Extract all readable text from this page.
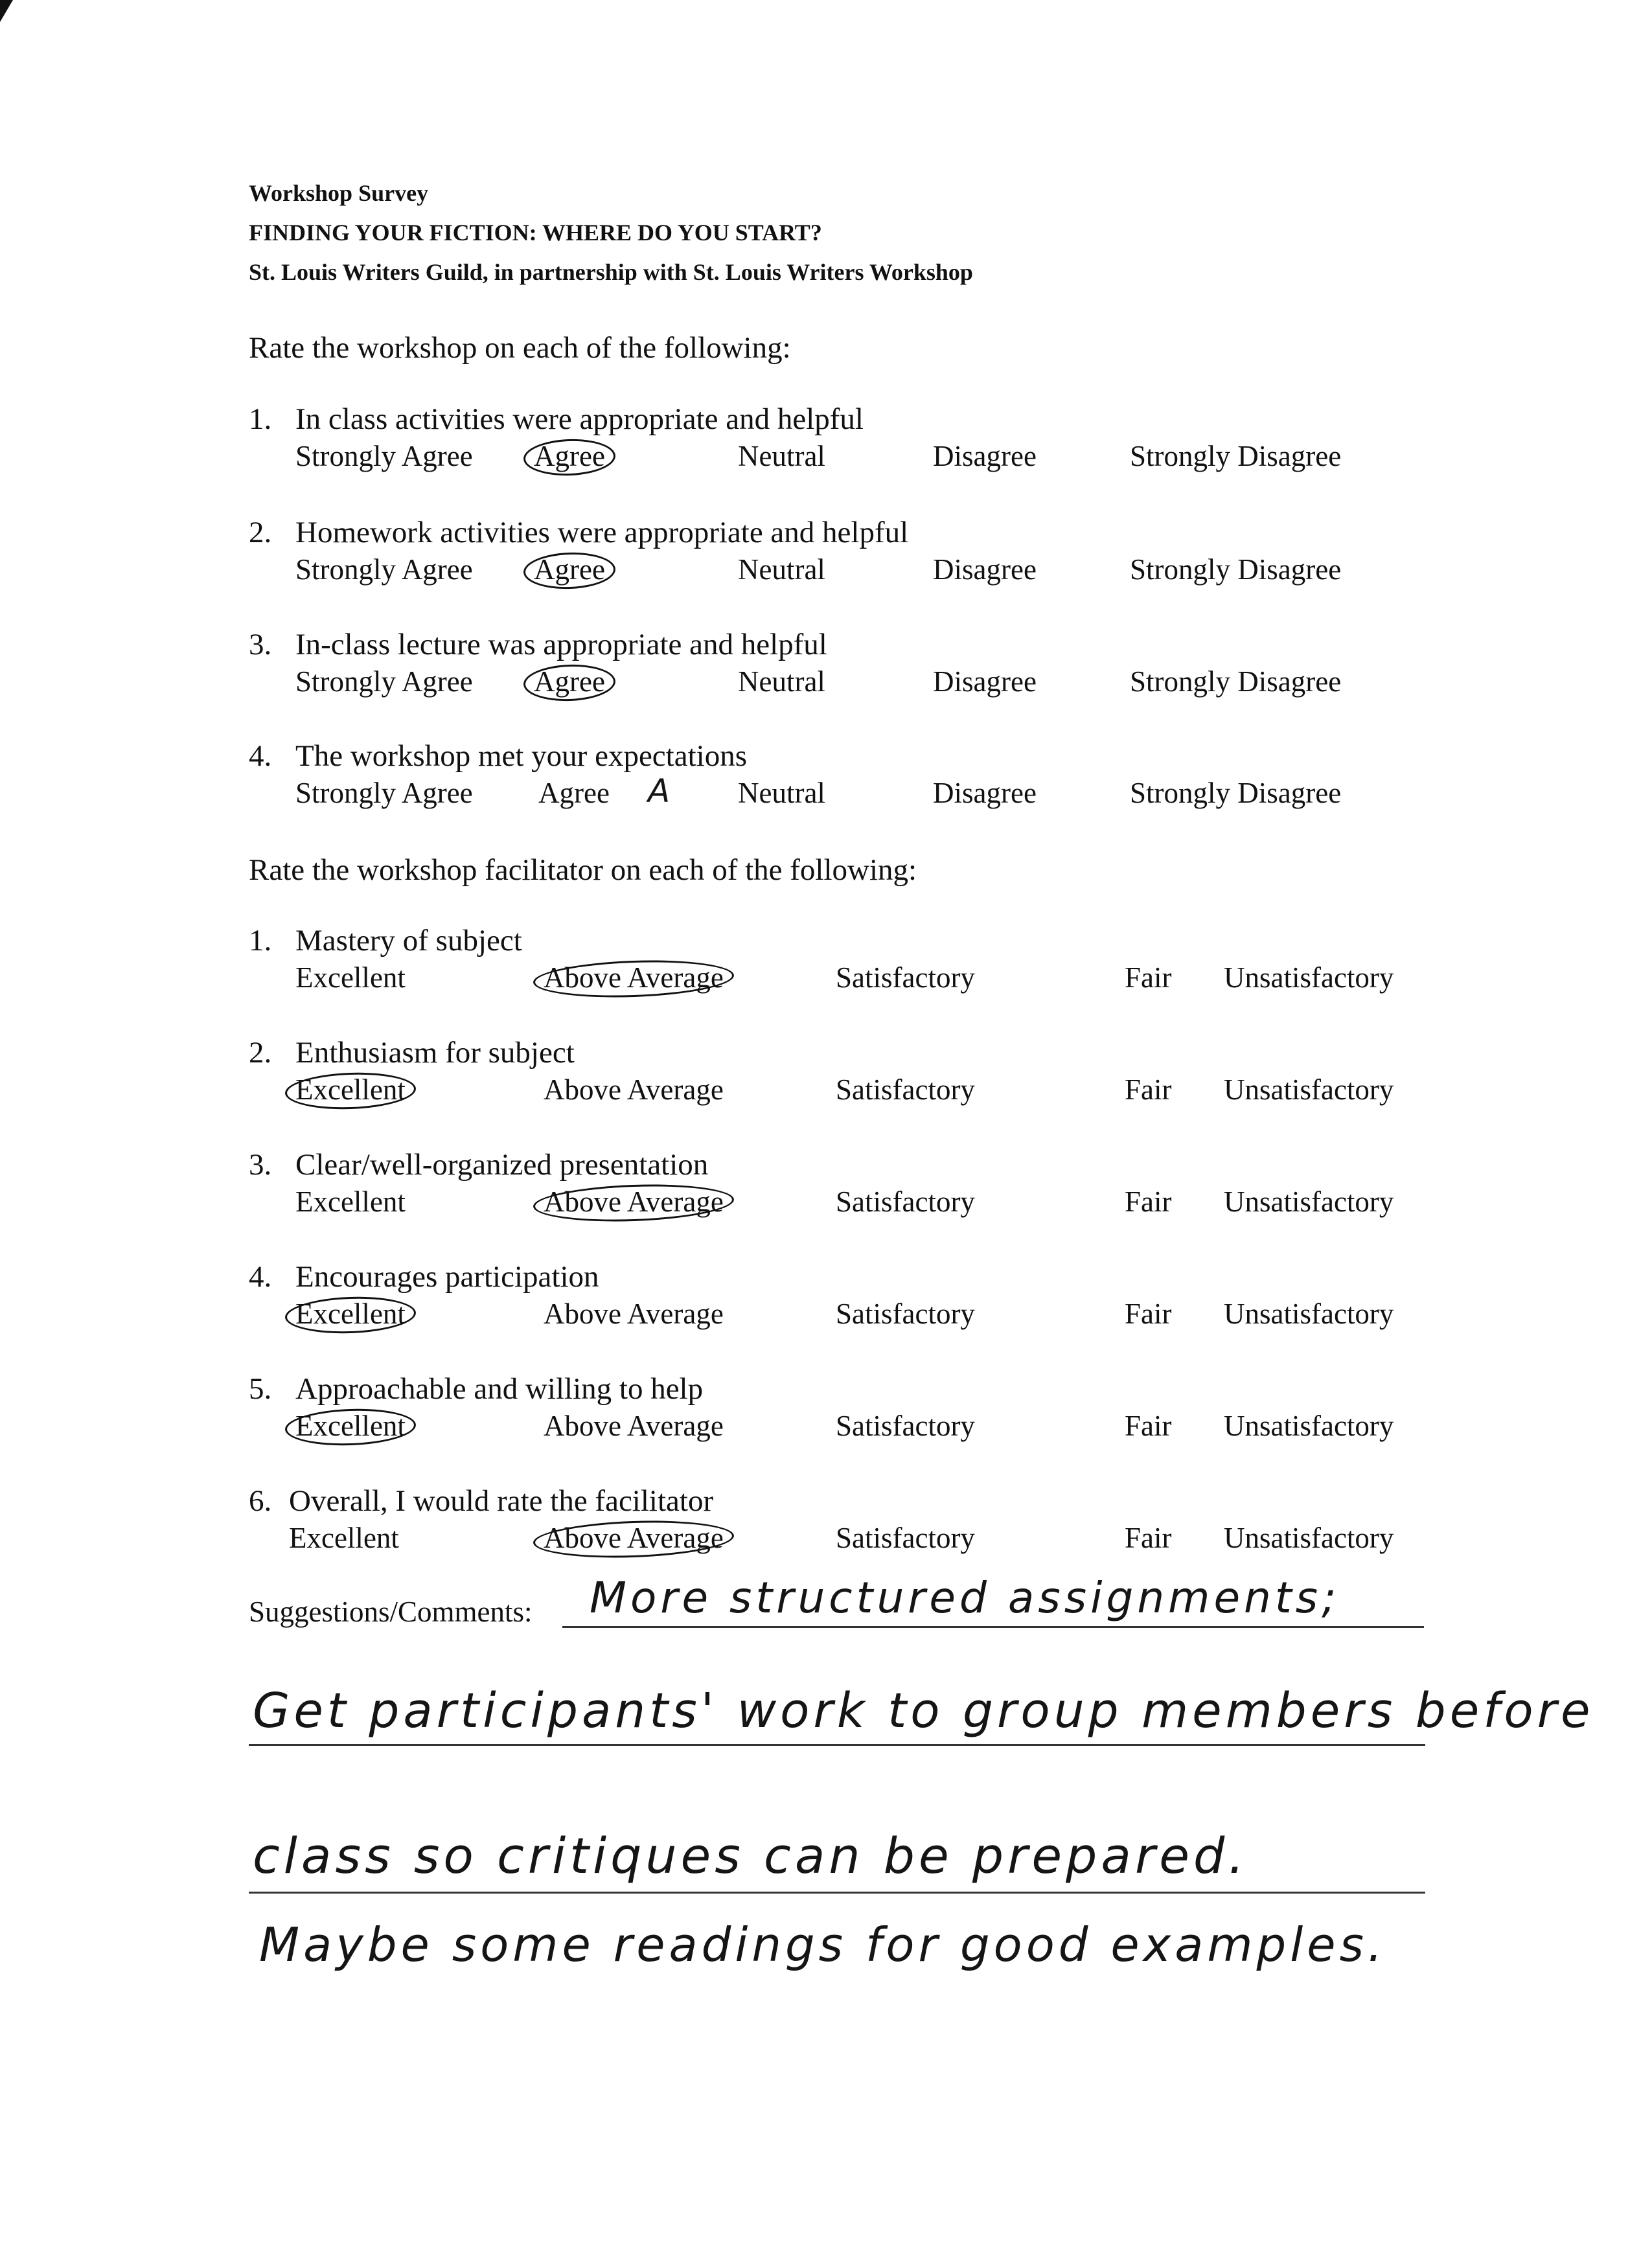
Workshop Survey
FINDING YOUR FICTION: WHERE DO YOU START?
St. Louis Writers Guild, in partnership with St. Louis Writers Workshop
Rate the workshop on each of the following:
1. In class activities were appropriate and helpful
Strongly Agree Agree	Neutral	Disagree	Strongly Disagree
2. Homework activities were appropriate and helpful
Strongly Agree Agree	Neutral	Disagree	Strongly Disagree
3. In-class lecture was appropriate and helpful
Strongly Agree Agree	Neutral	Disagree	Strongly Disagree
4. The workshop met your expectations
Strongly Agree Agree	Neutral	Disagree	Strongly Disagree
A
Rate the workshop facilitator on each of the following:
1. Mastery of subject
Excellent	Above Average	Satisfactory	Fair Unsatisfactory
2. Enthusiasm for subject
Excellent	Above Average	Satisfactory	Fair Unsatisfactory
3. Clear/well-organized presentation
Excellent	Above Average	Satisfactory	Fair Unsatisfactory
4. Encourages participation
Excellent	Above Average	Satisfactory	Fair Unsatisfactory
5. Approachable and willing to help
Excellent	Above Average	Satisfactory	Fair Unsatisfactory
6. Overall, I would rate the facilitator
Excellent	Above Average	Satisfactory	Fair Unsatisfactory
Suggestions/Comments: More structured assignments;
Get participants' work to group members before
class so critiques can be prepared.
Maybe some readings for good examples.
